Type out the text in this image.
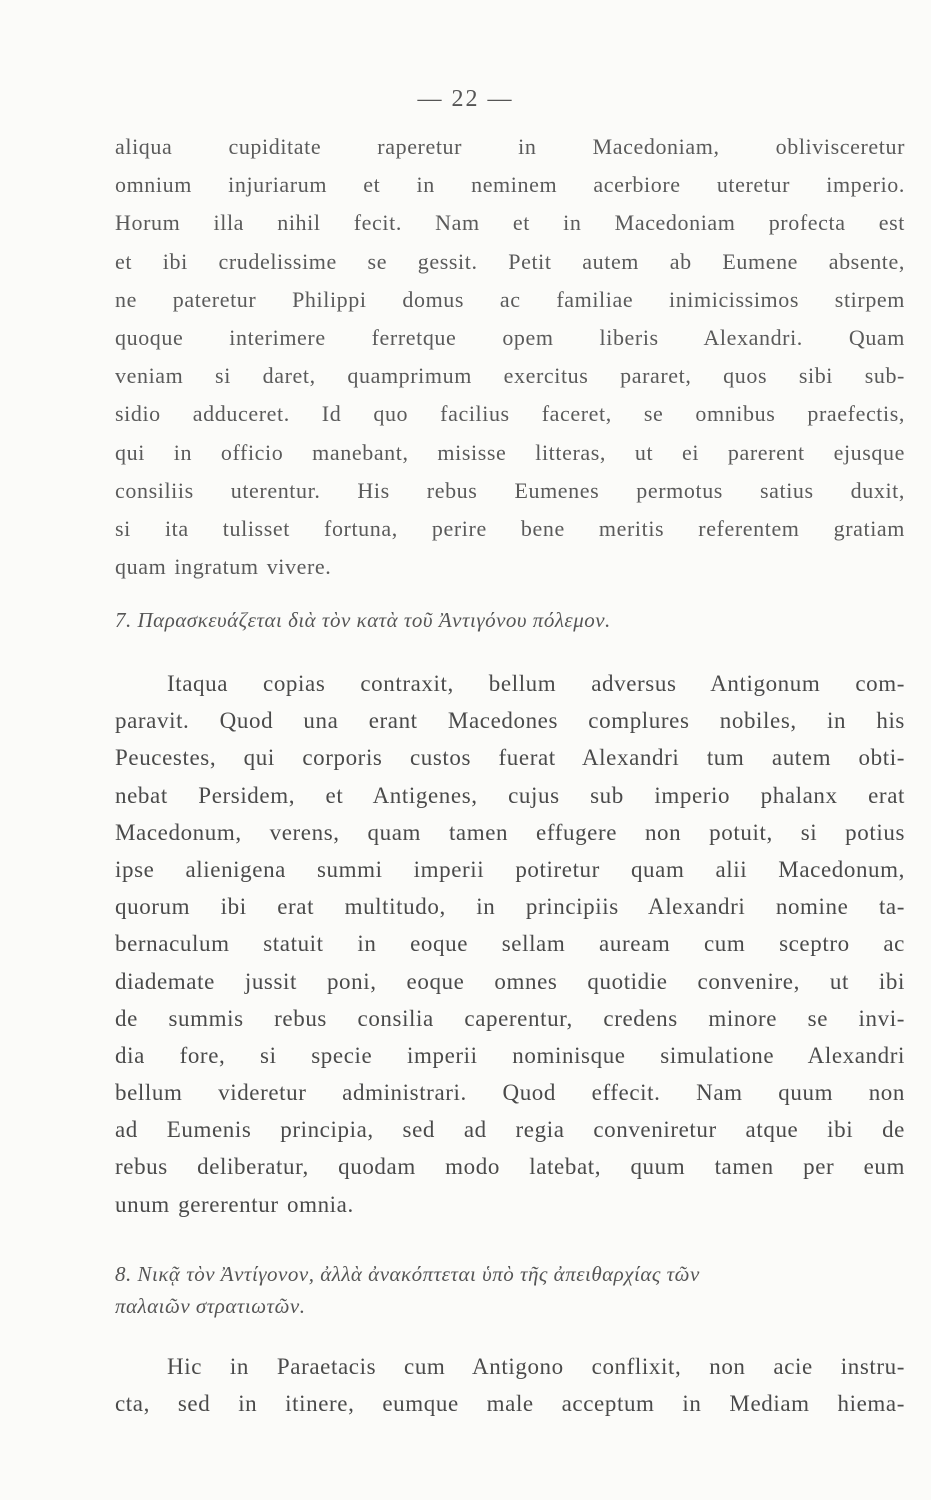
— 22 —
aliqua cupiditate raperetur in Macedoniam, oblivisceretur
omnium injuriarum et in neminem acerbiore uteretur imperio.
Horum illa nihil fecit. Nam et in Macedoniam profecta est
et ibi crudelissime se gessit. Petit autem ab Eumene absente,
ne pateretur Philippi domus ac familiae inimicissimos stirpem
quoque interimere ferretque opem liberis Alexandri. Quam
veniam si daret, quamprimum exercitus pararet, quos sibi sub-
sidio adduceret. Id quo facilius faceret, se omnibus praefectis,
qui in officio manebant, misisse litteras, ut ei parerent ejusque
consiliis uterentur. His rebus Eumenes permotus satius duxit,
si ita tulisset fortuna, perire bene meritis referentem gratiam
quam ingratum vivere.
7. Παρασκευάζεται διὰ τὸν κατὰ τοῦ Ἀντιγόνου πόλεμον.
Itaqua copias contraxit, bellum adversus Antigonum com-
paravit. Quod una erant Macedones complures nobiles, in his
Peucestes, qui corporis custos fuerat Alexandri tum autem obti-
nebat Persidem, et Antigenes, cujus sub imperio phalanx erat
Macedonum, verens, quam tamen effugere non potuit, si potius
ipse alienigena summi imperii potiretur quam alii Macedonum,
quorum ibi erat multitudo, in principiis Alexandri nomine ta-
bernaculum statuit in eoque sellam auream cum sceptro ac
diademate jussit poni, eoque omnes quotidie convenire, ut ibi
de summis rebus consilia caperentur, credens minore se invi-
dia fore, si specie imperii nominisque simulatione Alexandri
bellum videretur administrari. Quod effecit. Nam quum non
ad Eumenis principia, sed ad regia conveniretur atque ibi de
rebus deliberatur, quodam modo latebat, quum tamen per eum
unum gererentur omnia.
8. Νικᾷ τὸν Ἀντίγονον, ἀλλὰ ἀνακόπτεται ὑπὸ τῆς ἀπειθαρχίας τῶν
παλαιῶν στρατιωτῶν.
Hic in Paraetacis cum Antigono conflixit, non acie instru-
cta, sed in itinere, eumque male acceptum in Mediam hiema-
